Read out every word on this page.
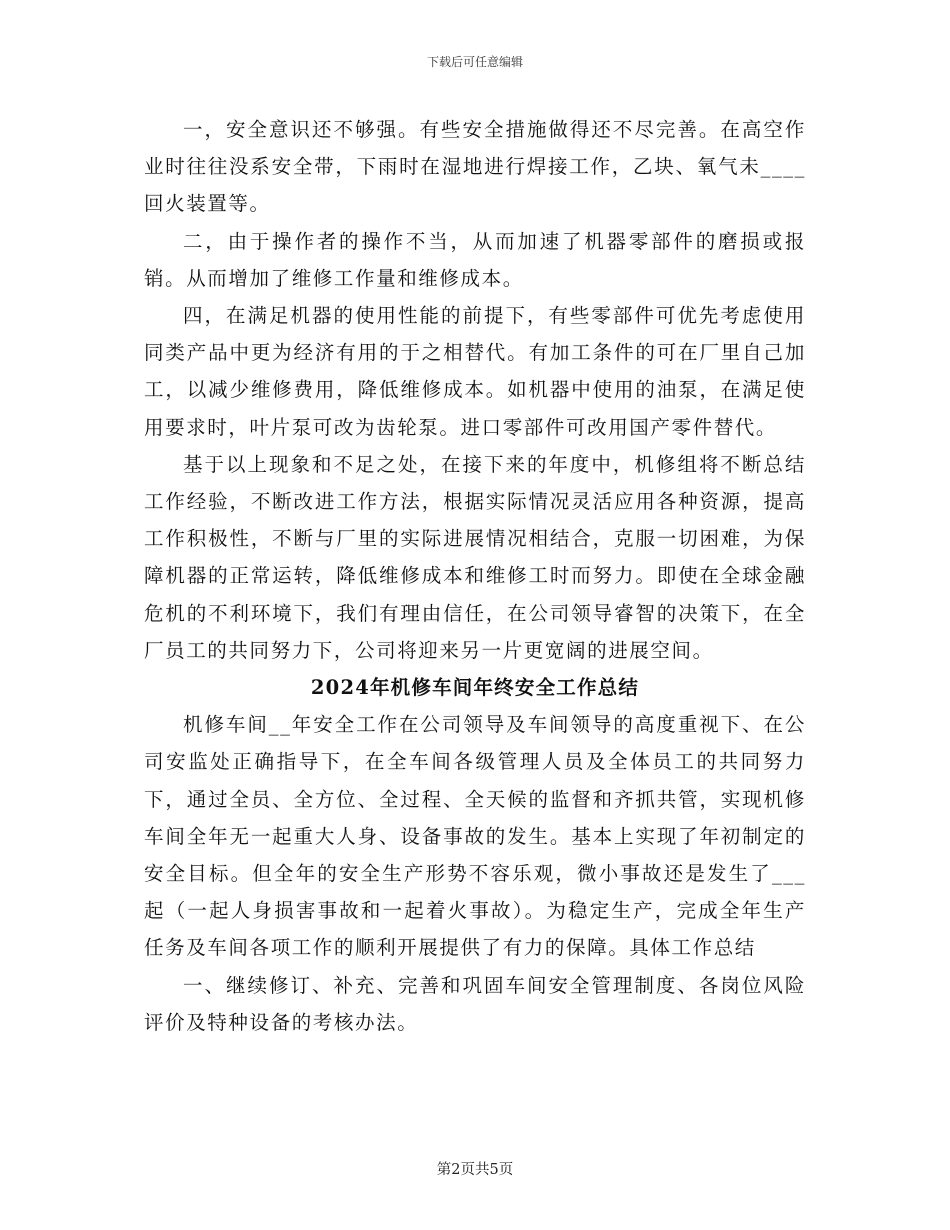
下载后可任意编辑

一，安全意识还不够强。有些安全措施做得还不尽完善。在高空作业时往往没系安全带，下雨时在湿地进行焊接工作，乙块、氧气未____回火装置等。

二，由于操作者的操作不当，从而加速了机器零部件的磨损或报销。从而增加了维修工作量和维修成本。

四，在满足机器的使用性能的前提下，有些零部件可优先考虑使用同类产品中更为经济有用的于之相替代。有加工条件的可在厂里自己加工，以减少维修费用，降低维修成本。如机器中使用的油泵，在满足使用要求时，叶片泵可改为齿轮泵。进口零部件可改用国产零件替代。

基于以上现象和不足之处，在接下来的年度中，机修组将不断总结工作经验，不断改进工作方法，根据实际情况灵活应用各种资源，提高工作积极性，不断与厂里的实际进展情况相结合，克服一切困难，为保障机器的正常运转，降低维修成本和维修工时而努力。即使在全球金融危机的不利环境下，我们有理由信任，在公司领导睿智的决策下，在全厂员工的共同努力下，公司将迎来另一片更宽阔的进展空间。

2024年机修车间年终安全工作总结

机修车间__年安全工作在公司领导及车间领导的高度重视下、在公司安监处正确指导下，在全车间各级管理人员及全体员工的共同努力下，通过全员、全方位、全过程、全天候的监督和齐抓共管，实现机修车间全年无一起重大人身、设备事故的发生。基本上实现了年初制定的安全目标。但全年的安全生产形势不容乐观，微小事故还是发生了___起（一起人身损害事故和一起着火事故）。为稳定生产，完成全年生产任务及车间各项工作的顺利开展提供了有力的保障。具体工作总结

一、继续修订、补充、完善和巩固车间安全管理制度、各岗位风险评价及特种设备的考核办法。

第2页共5页
